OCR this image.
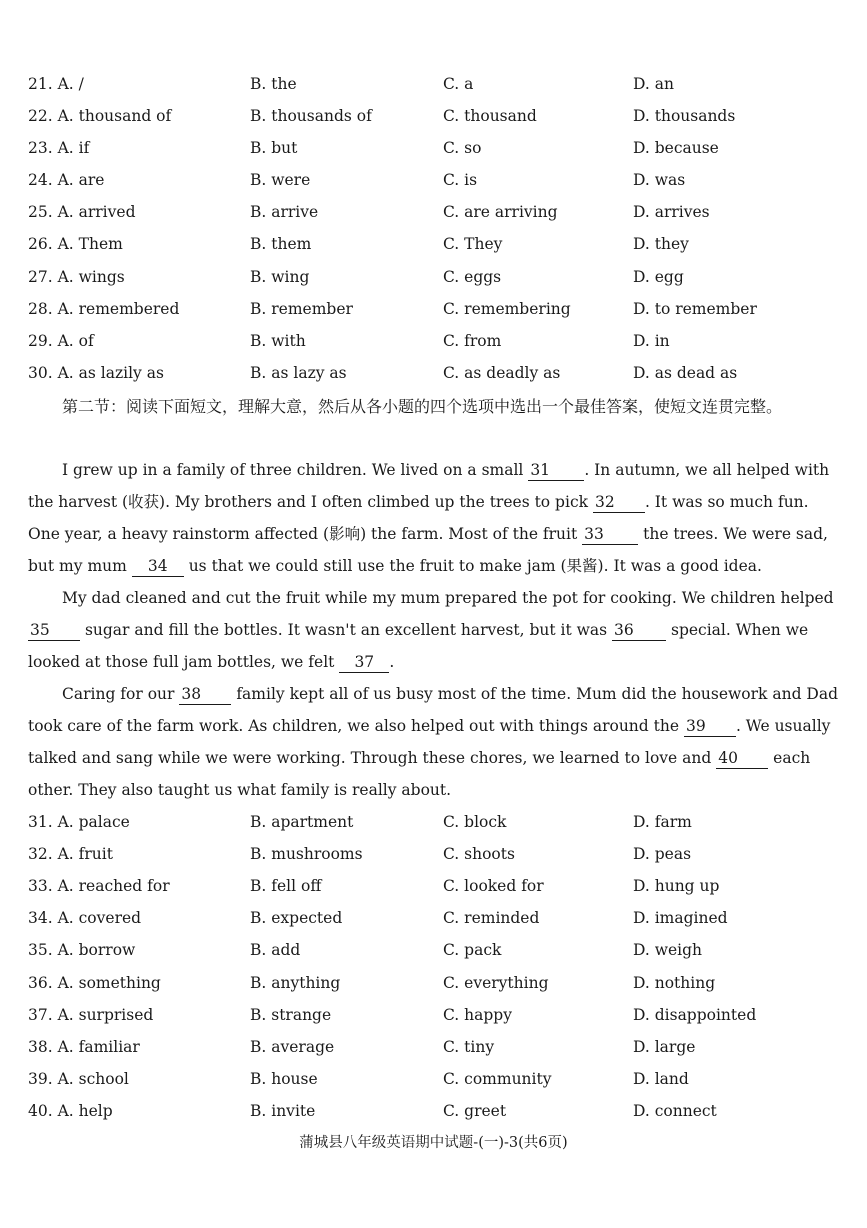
21. A. /	B. the	C. a	D. an
22. A. thousand of	B. thousands of	C. thousand	D. thousands
23. A. if	B. but	C. so	D. because
24. A. are	B. were	C. is	D. was
25. A. arrived	B. arrive	C. are arriving	D. arrives
26. A. Them	B. them	C. They	D. they
27. A. wings	B. wing	C. eggs	D. egg
28. A. remembered	B. remember	C. remembering	D. to remember
29. A. of	B. with	C. from	D. in
30. A. as lazily as	B. as lazy as	C. as deadly as	D. as dead as
第二节：阅读下面短文，理解大意，然后从各小题的四个选项中选出一个最佳答案，使短文连贯完整。
I grew up in a family of three children. We lived on a small 31 . In autumn, we all helped with
the harvest (收获). My brothers and I often climbed up the trees to pick 32 . It was so much fun.
One year, a heavy rainstorm affected (影响) the farm. Most of the fruit 33	the trees. We were sad,
but my mum 34 us that we could still use the fruit to make jam (果酱). It was a good idea.
My dad cleaned and cut the fruit while my mum prepared the pot for cooking. We children helped
35 sugar and fill the bottles. It wasn't an excellent harvest, but it was 36 special. When we
looked at those full jam bottles, we felt 37 .
Caring for our 38 family kept all of us busy most of the time. Mum did the housework and Dad
took care of the farm work. As children, we also helped out with things around the 39 . We usually
talked and sang while we were working. Through these chores, we learned to love and 40 each
other. They also taught us what family is really about.
31. A. palace	B. apartment	C. block	D. farm
32. A. fruit	B. mushrooms	C. shoots	D. peas
33. A. reached for	B. fell off	C. looked for	D. hung up
34. A. covered	B. expected	C. reminded	D. imagined
35. A. borrow	B. add	C. pack	D. weigh
36. A. something	B. anything	C. everything	D. nothing
37. A. surprised	B. strange	C. happy	D. disappointed
38. A. familiar	B. average	C. tiny	D. large
39. A. school	B. house	C. community	D. land
40. A. help	B. invite	C. greet	D. connect
蒲城县八年级英语期中试题-(一)-3(共6页)
